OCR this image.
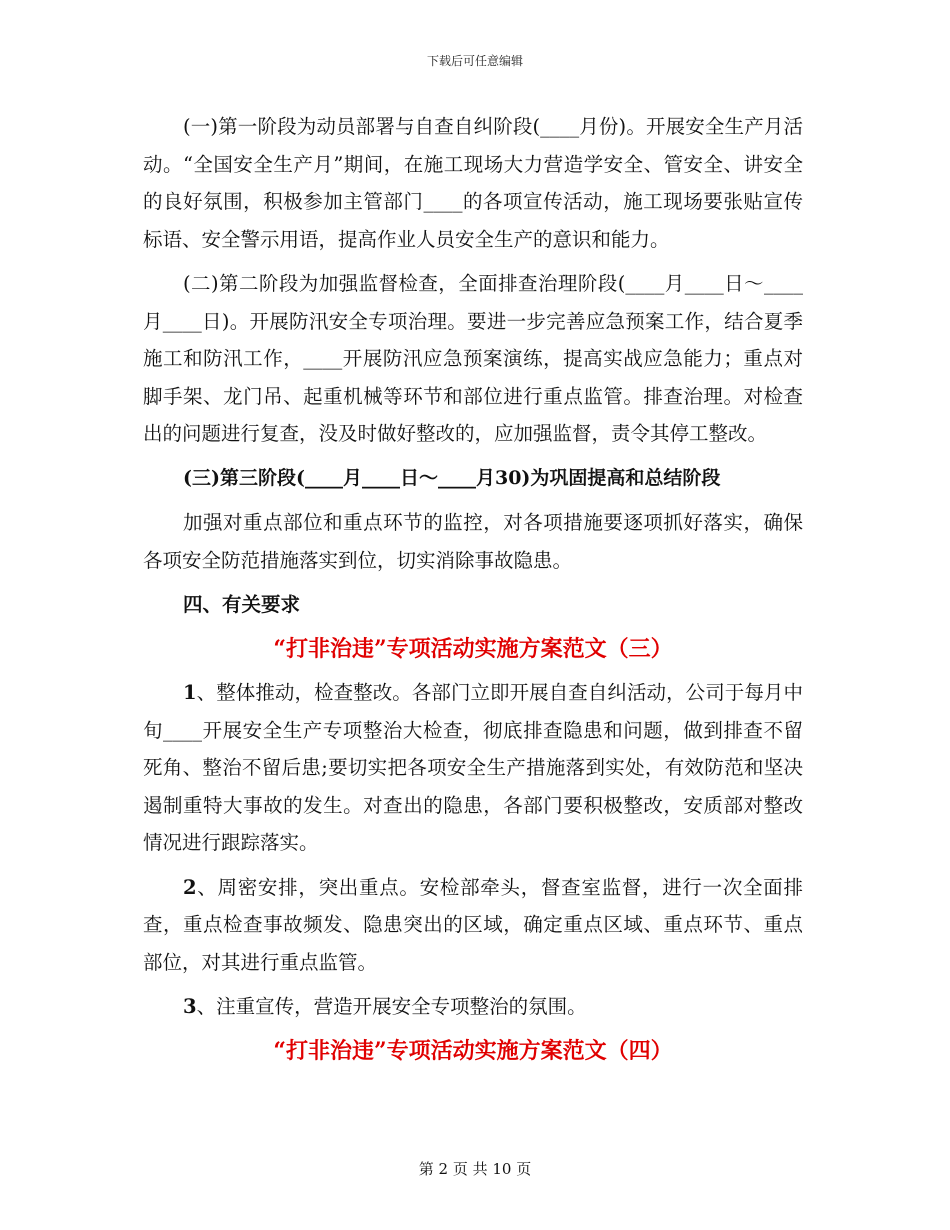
下载后可任意编辑

(一)第一阶段为动员部署与自查自纠阶段(____月份)。开展安全生产月活动。“全国安全生产月”期间，在施工现场大力营造学安全、管安全、讲安全的良好氛围，积极参加主管部门____的各项宣传活动，施工现场要张贴宣传标语、安全警示用语，提高作业人员安全生产的意识和能力。

(二)第二阶段为加强监督检查，全面排查治理阶段(____月____日～____月____日)。开展防汛安全专项治理。要进一步完善应急预案工作，结合夏季施工和防汛工作，____开展防汛应急预案演练，提高实战应急能力；重点对脚手架、龙门吊、起重机械等环节和部位进行重点监管。排查治理。对检查出的问题进行复查，没及时做好整改的，应加强监督，责令其停工整改。

(三)第三阶段(____月____日～____月30)为巩固提高和总结阶段

加强对重点部位和重点环节的监控，对各项措施要逐项抓好落实，确保各项安全防范措施落实到位，切实消除事故隐患。

四、有关要求

“打非治违”专项活动实施方案范文（三）

1、整体推动，检查整改。各部门立即开展自查自纠活动，公司于每月中旬____开展安全生产专项整治大检查，彻底排查隐患和问题，做到排查不留死角、整治不留后患;要切实把各项安全生产措施落到实处，有效防范和坚决遏制重特大事故的发生。对查出的隐患，各部门要积极整改，安质部对整改情况进行跟踪落实。

2、周密安排，突出重点。安检部牵头，督查室监督，进行一次全面排查，重点检查事故频发、隐患突出的区域，确定重点区域、重点环节、重点部位，对其进行重点监管。

3、注重宣传，营造开展安全专项整治的氛围。

“打非治违”专项活动实施方案范文（四）

第 2 页 共 10 页
